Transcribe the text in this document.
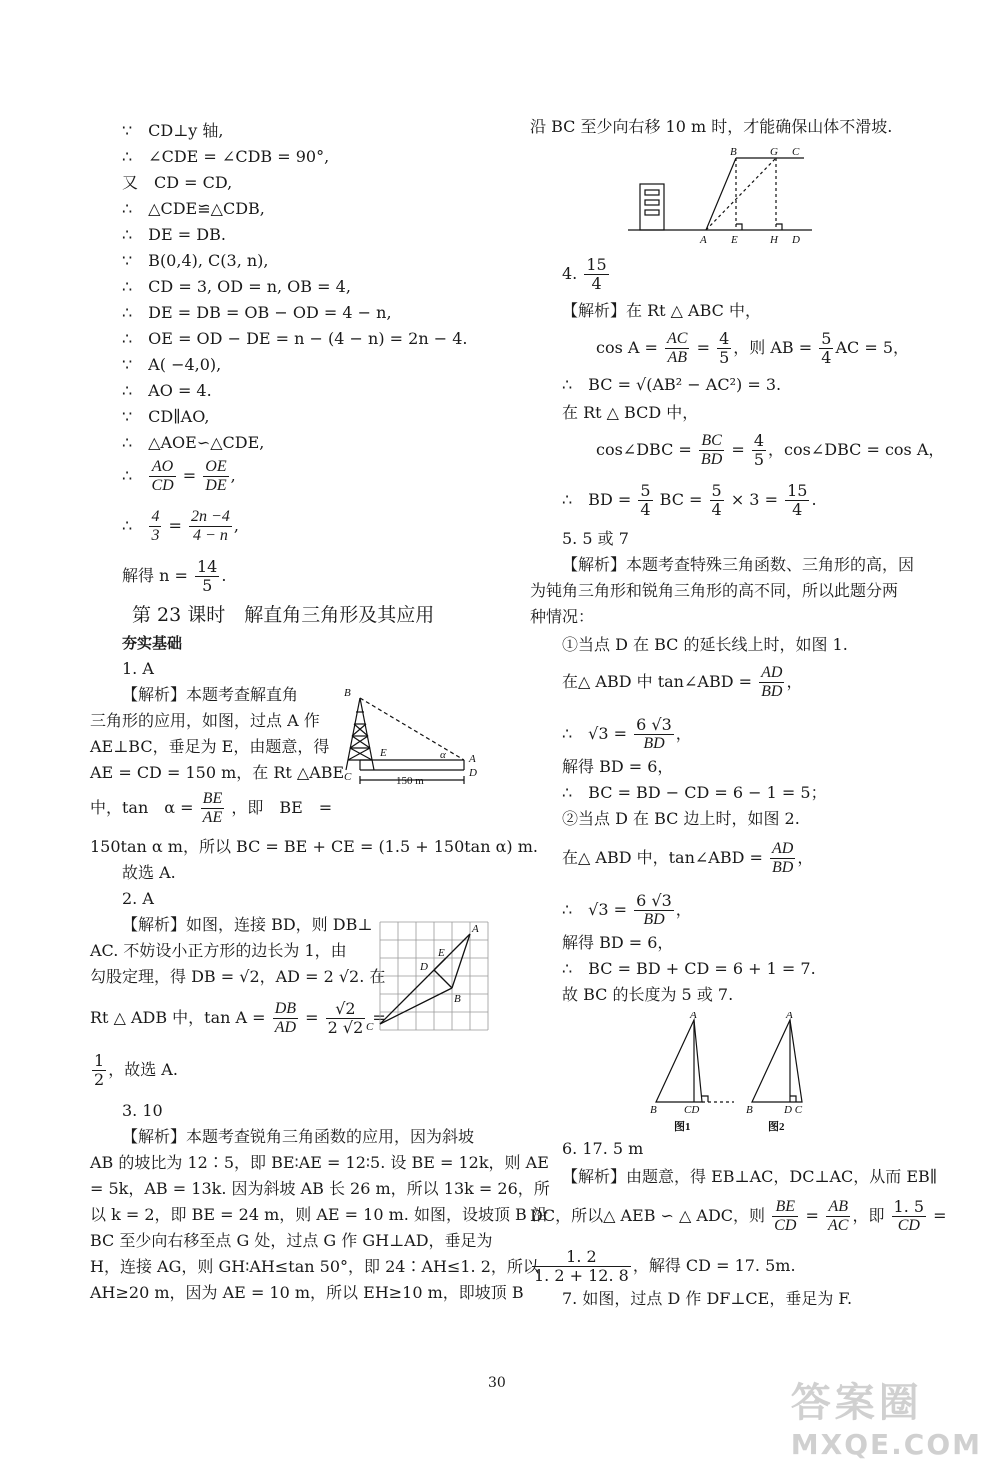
∵　CD⊥y 轴,
∴　∠CDE = ∠CDB = 90°,
又　CD = CD,
∴　△CDE≌△CDB,
∴　DE = DB.
∵　B(0,4), C(3, n),
∴　CD = 3, OD = n, OB = 4,
∴　DE = DB = OB − OD = 4 − n,
∴　OE = OD − DE = n − (4 − n) = 2n − 4.
∵　A( −4,0),
∴　AO = 4.
∵　CD∥AO,
∴　△AOE∽△CDE,
∴ $\frac{AO}{CD} = \frac{OE}{DE}$ ,
∴ $\frac{4}{3} = \frac{2n -4}{4 - n}$ ,
解得 $n = \frac{14}{5}$ .
第 23 课时　解直角三角形及其应用
夯实基础
1. A
【解析】本题考查解直角
三角形的应用，如图，过点 A 作
AE⊥BC，垂足为 E，由题意，得
AE = CD = 150 m，在 Rt △ABE
中，tan　$\alpha = \frac{BE}{AE}$ ，即　BE　=
150tan α m，所以 BC = BE + CE = (1.5 + 150tan α) m.
故选 A.
B
E	α A
C	D
150 m
2. A
【解析】如图，连接 BD，则 DB⊥
AC. 不妨设小正方形的边长为 1，由
勾股定理，得 DB = √2，AD = 2 √2. 在
Rt △ ADB 中，$\tan A = \frac{DB}{AD} = \frac{√2}{2 √2}$ =
$\frac{1}{2}$ ，故选 A.
A
E
D
B
C
3. 10
【解析】本题考查锐角三角函数的应用，因为斜坡
AB 的坡比为 12∶5，即 BE∶AE = 12∶5. 设 BE = 12k，则 AE
= 5k，AB = 13k. 因为斜坡 AB 长 26 m，所以 13k = 26，所
以 k = 2，即 BE = 24 m，则 AE = 10 m. 如图，设坡顶 B 沿
BC 至少向右移至点 G 处，过点 G 作 GH⊥AD，垂足为
H，连接 AG，则 GH∶AH≤tan 50°，即 24∶AH≤1. 2，所以
AH≥20 m，因为 AE = 10 m，所以 EH≥10 m，即坡顶 B
沿 BC 至少向右移 10 m 时，才能确保山体不滑坡.
B	G C
A E	H D
4. $\frac{15}{4}$
【解析】在 Rt △ ABC 中，
$\cos A = \frac{AC}{AB} = \frac{4}{5}$ ，则 AB = $\frac{5}{4}$ AC = 5，
∴　BC = √(AB² − AC²) = 3.
在 Rt △ BCD 中，
cos∠DBC = $\frac{BC}{BD} = \frac{4}{5}$ ，cos∠DBC = cos A，
∴　BD = $\frac{5}{4}$ BC = $\frac{5}{4} \times 3 = \frac{15}{4}$ .
5. 5 或 7
【解析】本题考查特殊三角函数、三角形的高，因
为钝角三角形和锐角三角形的高不同，所以此题分两
种情况：
①当点 D 在 BC 的延长线上时，如图 1.
在△ ABD 中 tan∠ABD = $\frac{AD}{BD}$ ，
∴　$√3 = \frac{6 √3}{BD}$ ，
解得 BD = 6，
∴　BC = BD − CD = 6 − 1 = 5；
②当点 D 在 BC 边上时，如图 2.
在△ ABD 中，tan∠ABD = $\frac{AD}{BD}$ ，
∴　$√3 = \frac{6 √3}{BD}$ ，
解得 BD = 6，
∴　BC = BD + CD = 6 + 1 = 7.
故 BC 的长度为 5 或 7.
A
B CD
A
B	D C
图1	图2
6. 17. 5 m
【解析】由题意，得 EB⊥AC，DC⊥AC，从而 EB∥
DC，所以△ AEB ∽ △ ADC，则 $\frac{BE}{CD} = \frac{AB}{AC}$ ，即 $\frac{1. 5}{CD}$ =
$\frac{1. 2}{1. 2 + 12. 8}$ ，解得 CD = 17. 5m.
7. 如图，过点 D 作 DF⊥CE，垂足为 F.
30	答案圈
MXQE.COM
